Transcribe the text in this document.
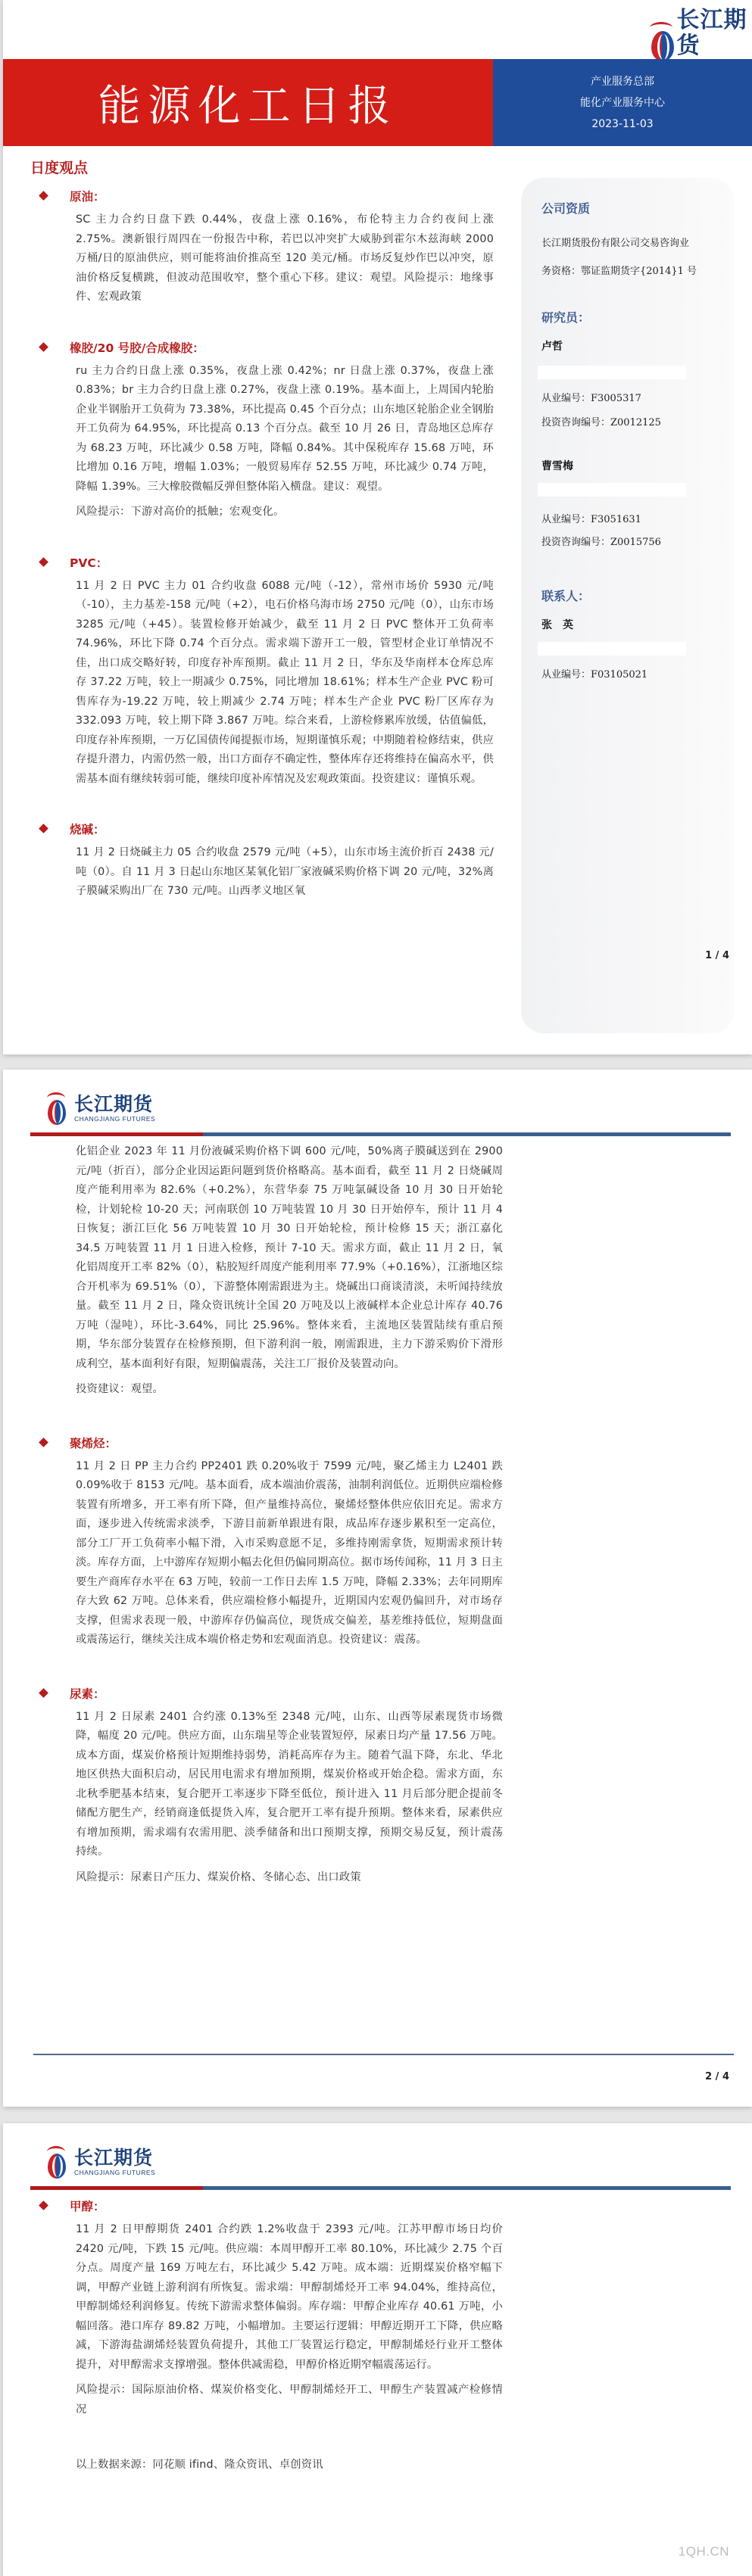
长江期货
能源化工日报	产业服务总部
能化产业服务中心
2023-11-03
日度观点
原油：

SC 主力合约日盘下跌 0.44%，夜盘上涨 0.16%，布伦特主力合约夜间上涨 2.75%。澳新银行周四在一份报告中称，若巴以冲突扩大威胁到霍尔木兹海峡 2000 万桶/日的原油供应，则可能将油价推高至 120 美元/桶。市场反复炒作巴以冲突，原油价格反复横跳，但波动范围收窄，整个重心下移。建议：观望。风险提示：地缘事件、宏观政策

橡胶/20 号胶/合成橡胶：

ru 主力合约日盘上涨 0.35%，夜盘上涨 0.42%；nr 日盘上涨 0.37%，夜盘上涨 0.83%；br 主力合约日盘上涨 0.27%，夜盘上涨 0.19%。基本面上，上周国内轮胎企业半钢胎开工负荷为 73.38%，环比提高 0.45 个百分点；山东地区轮胎企业全钢胎开工负荷为 64.95%，环比提高 0.13 个百分点。截至 10 月 26 日，青岛地区总库存为 68.23 万吨，环比减少 0.58 万吨，降幅 0.84%。其中保税库存 15.68 万吨，环比增加 0.16 万吨，增幅 1.03%；一般贸易库存 52.55 万吨，环比减少 0.74 万吨，降幅 1.39%。三大橡胶微幅反弹但整体陷入横盘。建议：观望。

风险提示：下游对高价的抵触；宏观变化。

PVC：

11 月 2 日 PVC 主力 01 合约收盘 6088 元/吨（-12），常州市场价 5930 元/吨（-10），主力基差-158 元/吨（+2），电石价格乌海市场 2750 元/吨（0），山东市场 3285 元/吨（+45）。装置检修开始减少，截至 11 月 2 日 PVC 整体开工负荷率 74.96%，环比下降 0.74 个百分点。需求端下游开工一般，管型材企业订单情况不佳，出口成交略好转，印度存补库预期。截止 11 月 2 日，华东及华南样本仓库总库存 37.22 万吨，较上一期减少 0.75%，同比增加 18.61%；样本生产企业 PVC 粉可售库存为-19.22 万吨，较上期减少 2.74 万吨；样本生产企业 PVC 粉厂区库存为 332.093 万吨，较上期下降 3.867 万吨。综合来看，上游检修累库放缓，估值偏低，印度存补库预期，一万亿国债传闻提振市场，短期谨慎乐观；中期随着检修结束，供应存提升潜力，内需仍然一般，出口方面存不确定性，整体库存还将维持在偏高水平，供需基本面有继续转弱可能，继续印度补库情况及宏观政策面。投资建议：谨慎乐观。

烧碱：

11 月 2 日烧碱主力 05 合约收盘 2579 元/吨（+5），山东市场主流价折百 2438 元/吨（0）。自 11 月 3 日起山东地区某氧化铝厂家液碱采购价格下调 20 元/吨，32%离子膜碱采购出厂在 730 元/吨。山西孝义地区氧

公司资质
长江期货股份有限公司交易咨询业
务资格：鄂证监期货字{2014}1 号
研究员：
卢哲
从业编号：F3005317
投资咨询编号：Z0012125
曹雪梅
从业编号：F3051631
投资咨询编号：Z0015756
联系人：
张　英
从业编号：F03105021
1 / 4
长江期货
CHANGJIANG FUTURES

化铝企业 2023 年 11 月份液碱采购价格下调 600 元/吨，50%离子膜碱送到在 2900 元/吨（折百），部分企业因运距问题到货价格略高。基本面看，截至 11 月 2 日烧碱周度产能利用率为 82.6%（+0.2%），东营华泰 75 万吨氯碱设备 10 月 30 日开始轮检，计划轮检 10-20 天；河南联创 10 万吨装置 10 月 30 日开始停车，预计 11 月 4 日恢复；浙江巨化 56 万吨装置 10 月 30 日开始轮检，预计检修 15 天；浙江嘉化 34.5 万吨装置 11 月 1 日进入检修，预计 7-10 天。需求方面，截止 11 月 2 日，氧化铝周度开工率 82%（0），粘胶短纤周度产能利用率 77.9%（+0.16%），江浙地区综合开机率为 69.51%（0），下游整体刚需跟进为主。烧碱出口商谈清淡，未听闻持续放量。截至 11 月 2 日，隆众资讯统计全国 20 万吨及以上液碱样本企业总计库存 40.76 万吨（湿吨），环比-3.64%，同比 25.96%。整体来看，主流地区装置陆续有重启预期，华东部分装置存在检修预期，但下游利润一般，刚需跟进，主力下游采购价下滑形成利空，基本面利好有限，短期偏震荡，关注工厂报价及装置动向。

投资建议：观望。

聚烯烃：

11 月 2 日 PP 主力合约 PP2401 跌 0.20%收于 7599 元/吨，聚乙烯主力 L2401 跌 0.09%收于 8153 元/吨。基本面看，成本端油价震荡，油制利润低位。近期供应端检修装置有所增多，开工率有所下降，但产量维持高位，聚烯烃整体供应依旧充足。需求方面，逐步进入传统需求淡季，下游目前新单跟进有限，成品库存逐步累积至一定高位，部分工厂开工负荷率小幅下滑，入市采购意愿不足，多维持刚需拿货，短期需求预计转淡。库存方面，上中游库存短期小幅去化但仍偏同期高位。据市场传闻称，11 月 3 日主要生产商库存水平在 63 万吨，较前一工作日去库 1.5 万吨，降幅 2.33%；去年同期库存大致 62 万吨。总体来看，供应端检修小幅提升，近期国内宏观仍偏回升，对市场存支撑，但需求表现一般，中游库存仍偏高位，现货成交偏差，基差维持低位，短期盘面或震荡运行，继续关注成本端价格走势和宏观面消息。投资建议：震荡。

尿素：

11 月 2 日尿素 2401 合约涨 0.13%至 2348 元/吨，山东、山西等尿素现货市场微降，幅度 20 元/吨。供应方面，山东瑞星等企业装置短停，尿素日均产量 17.56 万吨。成本方面，煤炭价格预计短期维持弱势，消耗高库存为主。随着气温下降，东北、华北地区供热大面积启动，居民用电需求有增加预期，煤炭价格或开始企稳。需求方面，东北秋季肥基本结束，复合肥开工率逐步下降至低位，预计进入 11 月后部分肥企提前冬储配方肥生产，经销商逢低提货入库，复合肥开工率有提升预期。整体来看，尿素供应有增加预期，需求端有农需用肥、淡季储备和出口预期支撑，预期交易反复，预计震荡持续。

风险提示：尿素日产压力、煤炭价格、冬储心态、出口政策

2 / 4
长江期货
CHANGJIANG FUTURES
甲醇：

11 月 2 日甲醇期货 2401 合约跌 1.2%收盘于 2393 元/吨。江苏甲醇市场日均价 2420 元/吨，下跌 15 元/吨。供应端：本周甲醇开工率 80.10%，环比减少 2.75 个百分点。周度产量 169 万吨左右，环比减少 5.42 万吨。成本端：近期煤炭价格窄幅下调，甲醇产业链上游利润有所恢复。需求端：甲醇制烯烃开工率 94.04%，维持高位，甲醇制烯烃利润修复。传统下游需求整体偏弱。库存端：甲醇企业库存 40.61 万吨，小幅回落。港口库存 89.82 万吨，小幅增加。主要运行逻辑：甲醇近期开工下降，供应略减，下游海盐湖烯烃装置负荷提升，其他工厂装置运行稳定，甲醇制烯烃行业开工整体提升，对甲醇需求支撑增强。整体供减需稳，甲醇价格近期窄幅震荡运行。

风险提示：国际原油价格、煤炭价格变化、甲醇制烯烃开工、甲醇生产装置减产检修情况

以上数据来源：同花顺 ifind、隆众资讯、卓创资讯

1QH.CN
